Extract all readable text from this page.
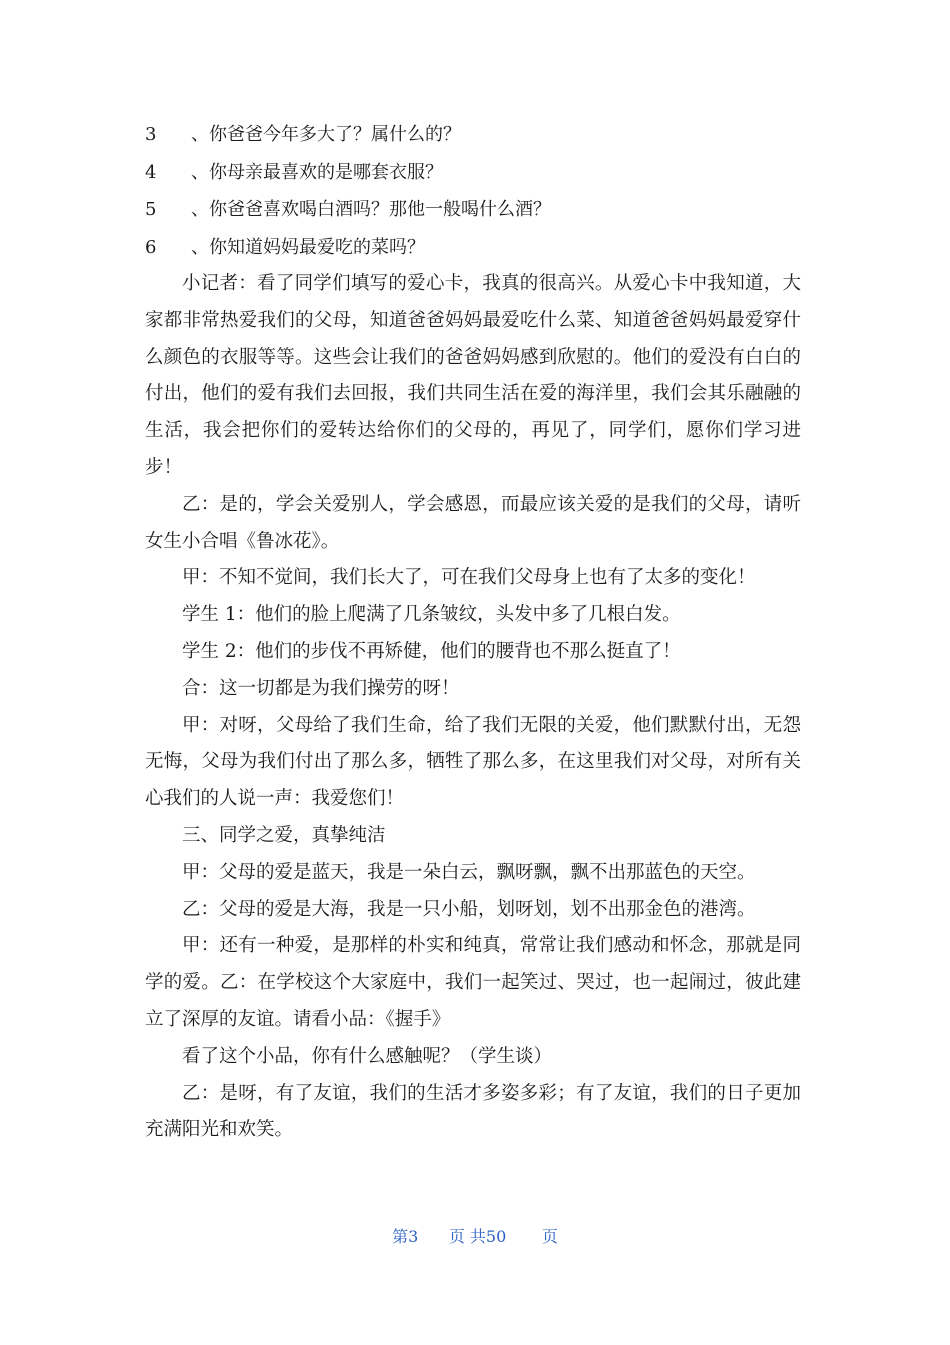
3	、你爸爸今年多大了？属什么的？
4	、你母亲最喜欢的是哪套衣服？
5	、你爸爸喜欢喝白酒吗？那他一般喝什么酒？
6	、你知道妈妈最爱吃的菜吗？

小记者：看了同学们填写的爱心卡，我真的很高兴。从爱心卡中我知道，大家都非常热爱我们的父母，知道爸爸妈妈最爱吃什么菜、知道爸爸妈妈最爱穿什么颜色的衣服等等。这些会让我们的爸爸妈妈感到欣慰的。他们的爱没有白白的付出，他们的爱有我们去回报，我们共同生活在爱的海洋里，我们会其乐融融的生活，我会把你们的爱转达给你们的父母的，再见了，同学们，愿你们学习进步！

乙：是的，学会关爱别人，学会感恩，而最应该关爱的是我们的父母，请听女生小合唱《鲁冰花》。

甲：不知不觉间，我们长大了，可在我们父母身上也有了太多的变化！

学生 1：他们的脸上爬满了几条皱纹，头发中多了几根白发。

学生 2：他们的步伐不再矫健，他们的腰背也不那么挺直了！

合：这一切都是为我们操劳的呀！

甲：对呀，父母给了我们生命，给了我们无限的关爱，他们默默付出，无怨无悔，父母为我们付出了那么多，牺牲了那么多，在这里我们对父母，对所有关心我们的人说一声：我爱您们！

三、同学之爱，真挚纯洁

甲：父母的爱是蓝天，我是一朵白云，飘呀飘，飘不出那蓝色的天空。

乙：父母的爱是大海，我是一只小船，划呀划，划不出那金色的港湾。

甲：还有一种爱，是那样的朴实和纯真，常常让我们感动和怀念，那就是同学的爱。乙：在学校这个大家庭中，我们一起笑过、哭过，也一起闹过，彼此建立了深厚的友谊。请看小品：《握手》

看了这个小品，你有什么感触呢？（学生谈）

乙：是呀，有了友谊，我们的生活才多姿多彩；有了友谊，我们的日子更加充满阳光和欢笑。

第3 页 共50 页
